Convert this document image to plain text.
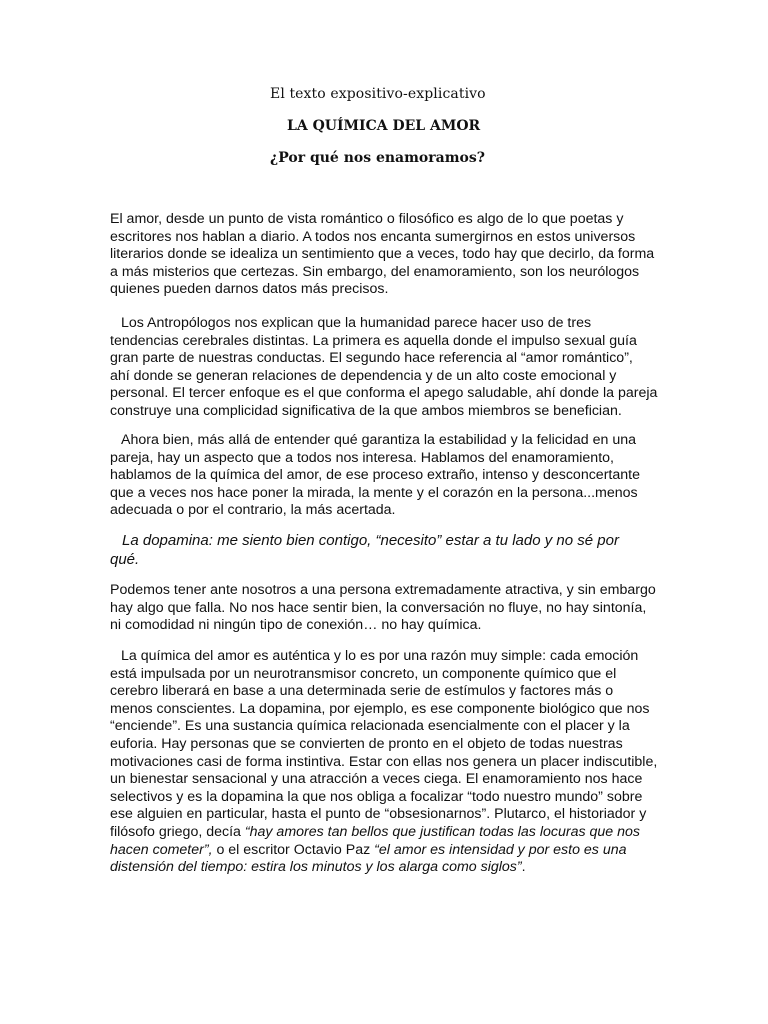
El texto expositivo-explicativo

LA QUÍMICA DEL AMOR

¿Por qué nos enamoramos?

El amor, desde un punto de vista romántico o filosófico es algo de lo que poetas y
escritores nos hablan a diario. A todos nos encanta sumergirnos en estos universos
literarios donde se idealiza un sentimiento que a veces, todo hay que decirlo, da forma
a más misterios que certezas. Sin embargo, del enamoramiento, son los neurólogos
quienes pueden darnos datos más precisos.
Los Antropólogos nos explican que la humanidad parece hacer uso de tres
tendencias cerebrales distintas. La primera es aquella donde el impulso sexual guía
gran parte de nuestras conductas. El segundo hace referencia al “amor romántico”,
ahí donde se generan relaciones de dependencia y de un alto coste emocional y
personal. El tercer enfoque es el que conforma el apego saludable, ahí donde la pareja
construye una complicidad significativa de la que ambos miembros se benefician.
Ahora bien, más allá de entender qué garantiza la estabilidad y la felicidad en una
pareja, hay un aspecto que a todos nos interesa. Hablamos del enamoramiento,
hablamos de la química del amor, de ese proceso extraño, intenso y desconcertante
que a veces nos hace poner la mirada, la mente y el corazón en la persona...menos
adecuada o por el contrario, la más acertada.
La dopamina: me siento bien contigo, “necesito” estar a tu lado y no sé por
qué.
Podemos tener ante nosotros a una persona extremadamente atractiva, y sin embargo
hay algo que falla. No nos hace sentir bien, la conversación no fluye, no hay sintonía,
ni comodidad ni ningún tipo de conexión… no hay química.
La química del amor es auténtica y lo es por una razón muy simple: cada emoción
está impulsada por un neurotransmisor concreto, un componente químico que el
cerebro liberará en base a una determinada serie de estímulos y factores más o
menos conscientes. La dopamina, por ejemplo, es ese componente biológico que nos
“enciende”. Es una sustancia química relacionada esencialmente con el placer y la
euforia. Hay personas que se convierten de pronto en el objeto de todas nuestras
motivaciones casi de forma instintiva. Estar con ellas nos genera un placer indiscutible,
un bienestar sensacional y una atracción a veces ciega. El enamoramiento nos hace
selectivos y es la dopamina la que nos obliga a focalizar “todo nuestro mundo” sobre
ese alguien en particular, hasta el punto de “obsesionarnos”. Plutarco, el historiador y
filósofo griego, decía “hay amores tan bellos que justifican todas las locuras que nos
hacen cometer”, o el escritor Octavio Paz “el amor es intensidad y por esto es una
distensión del tiempo: estira los minutos y los alarga como siglos”.
